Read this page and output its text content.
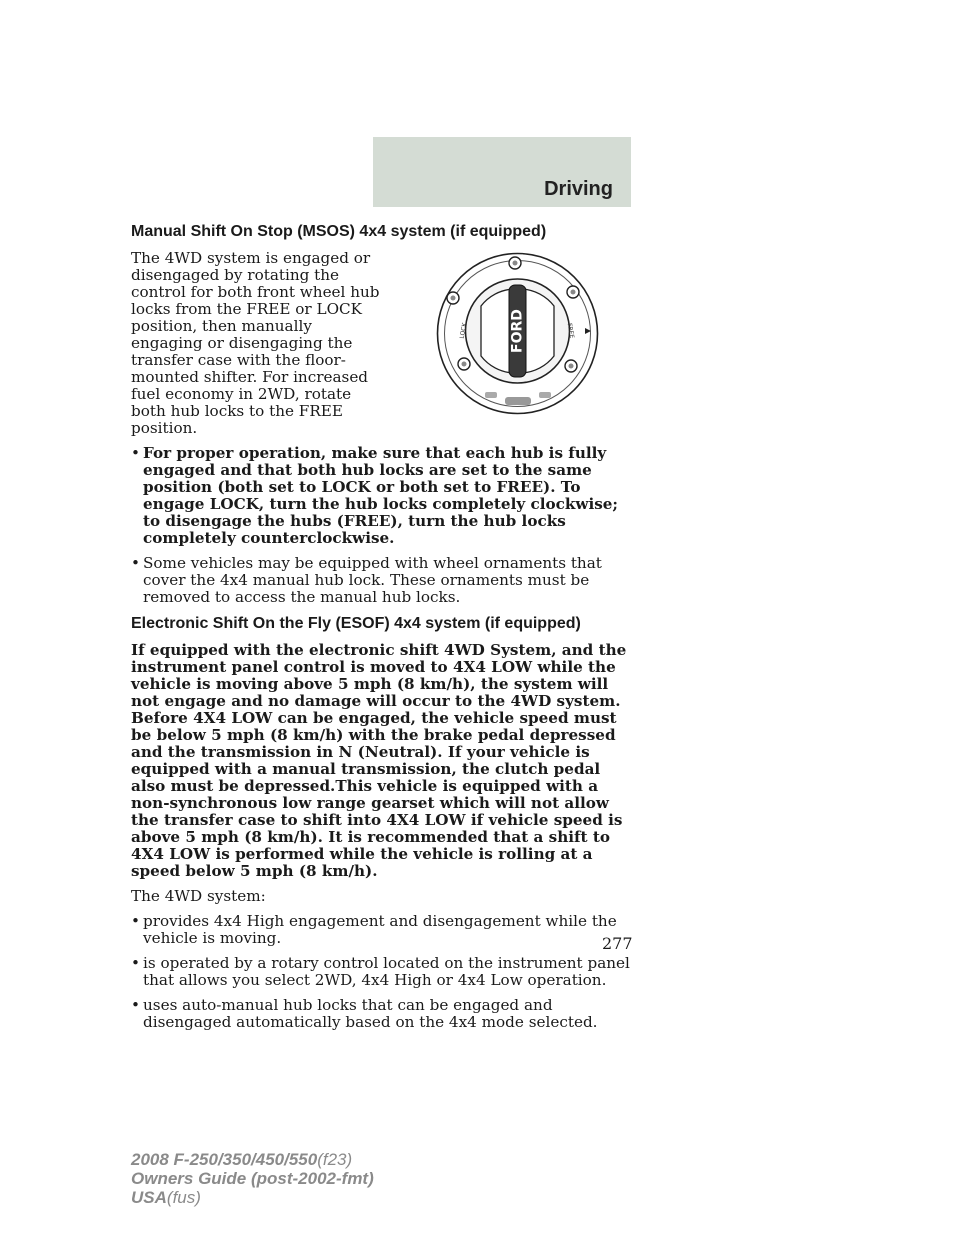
Driving
FORD
LOCK	FREE
Manual Shift On Stop (MSOS) 4x4 system (if equipped)

The 4WD system is engaged or disengaged by rotating the control for both front wheel hub locks from the FREE or LOCK position, then manually engaging or disengaging the transfer case with the floor-mounted shifter. For increased fuel economy in 2WD, rotate both hub locks to the FREE position.

• For proper operation, make sure that each hub is fully engaged and that both hub locks are set to the same position (both set to LOCK or both set to FREE). To engage LOCK, turn the hub locks completely clockwise; to disengage the hubs (FREE), turn the hub locks completely counterclockwise.
• Some vehicles may be equipped with wheel ornaments that cover the 4x4 manual hub lock. These ornaments must be removed to access the manual hub locks.
Electronic Shift On the Fly (ESOF) 4x4 system (if equipped)

If equipped with the electronic shift 4WD System, and the instrument panel control is moved to 4X4 LOW while the vehicle is moving above 5 mph (8 km/h), the system will not engage and no damage will occur to the 4WD system. Before 4X4 LOW can be engaged, the vehicle speed must be below 5 mph (8 km/h) with the brake pedal depressed and the transmission in N (Neutral). If your vehicle is equipped with a manual transmission, the clutch pedal also must be depressed.This vehicle is equipped with a non-synchronous low range gearset which will not allow the transfer case to shift into 4X4 LOW if vehicle speed is above 5 mph (8 km/h). It is recommended that a shift to 4X4 LOW is performed while the vehicle is rolling at a speed below 5 mph (8 km/h).

The 4WD system:

• provides 4x4 High engagement and disengagement while the vehicle is moving.
• is operated by a rotary control located on the instrument panel that allows you select 2WD, 4x4 High or 4x4 Low operation.
• uses auto-manual hub locks that can be engaged and disengaged automatically based on the 4x4 mode selected.
277
2008 F-250/350/450/550(f23)
Owners Guide (post-2002-fmt)
USA(fus)
